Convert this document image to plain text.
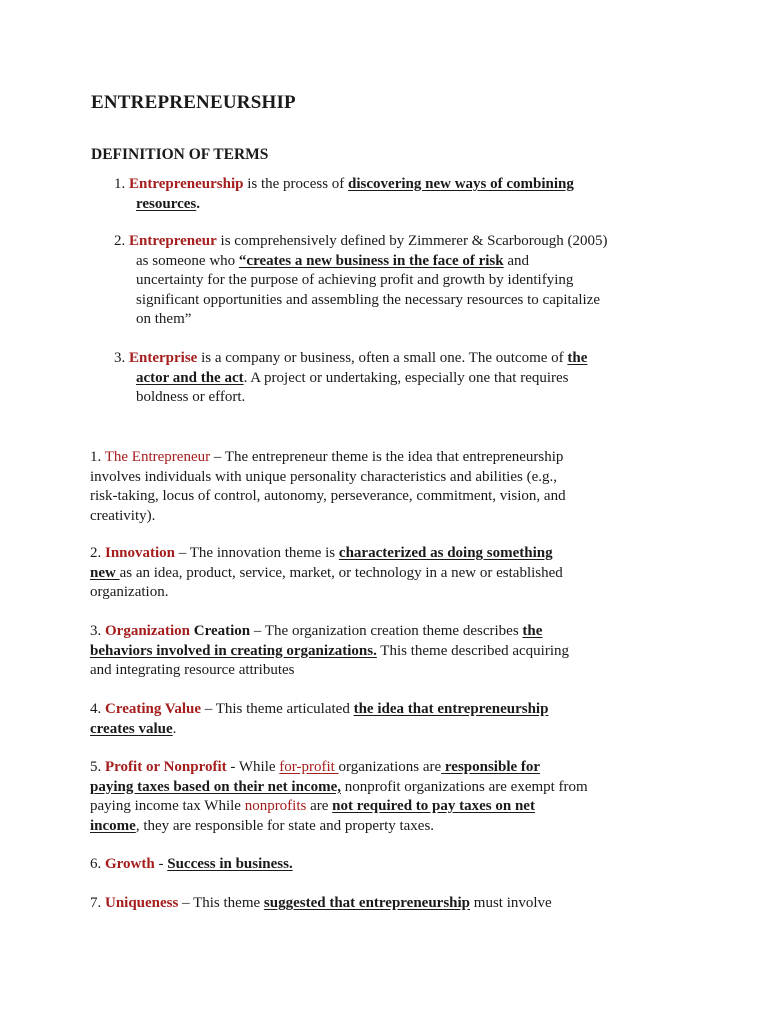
ENTREPRENEURSHIP
DEFINITION OF TERMS
1. Entrepreneurship is the process of discovering new ways of combining
resources.
2. Entrepreneur is comprehensively defined by Zimmerer & Scarborough (2005)
as someone who “creates a new business in the face of risk and
uncertainty for the purpose of achieving profit and growth by identifying
significant opportunities and assembling the necessary resources to capitalize
on them”
3. Enterprise is a company or business, often a small one. The outcome of the
actor and the act. A project or undertaking, especially one that requires
boldness or effort.
1. The Entrepreneur – The entrepreneur theme is the idea that entrepreneurship
involves individuals with unique personality characteristics and abilities (e.g.,
risk-taking, locus of control, autonomy, perseverance, commitment, vision, and
creativity).
2. Innovation – The innovation theme is characterized as doing something
new as an idea, product, service, market, or technology in a new or established
organization.
3. Organization Creation – The organization creation theme describes the
behaviors involved in creating organizations. This theme described acquiring
and integrating resource attributes
4. Creating Value – This theme articulated the idea that entrepreneurship
creates value.
5. Profit or Nonprofit - While for-profit organizations are responsible for
paying taxes based on their net income, nonprofit organizations are exempt from
paying income tax While nonprofits are not required to pay taxes on net
income, they are responsible for state and property taxes.
6. Growth - Success in business.
7. Uniqueness – This theme suggested that entrepreneurship must involve
